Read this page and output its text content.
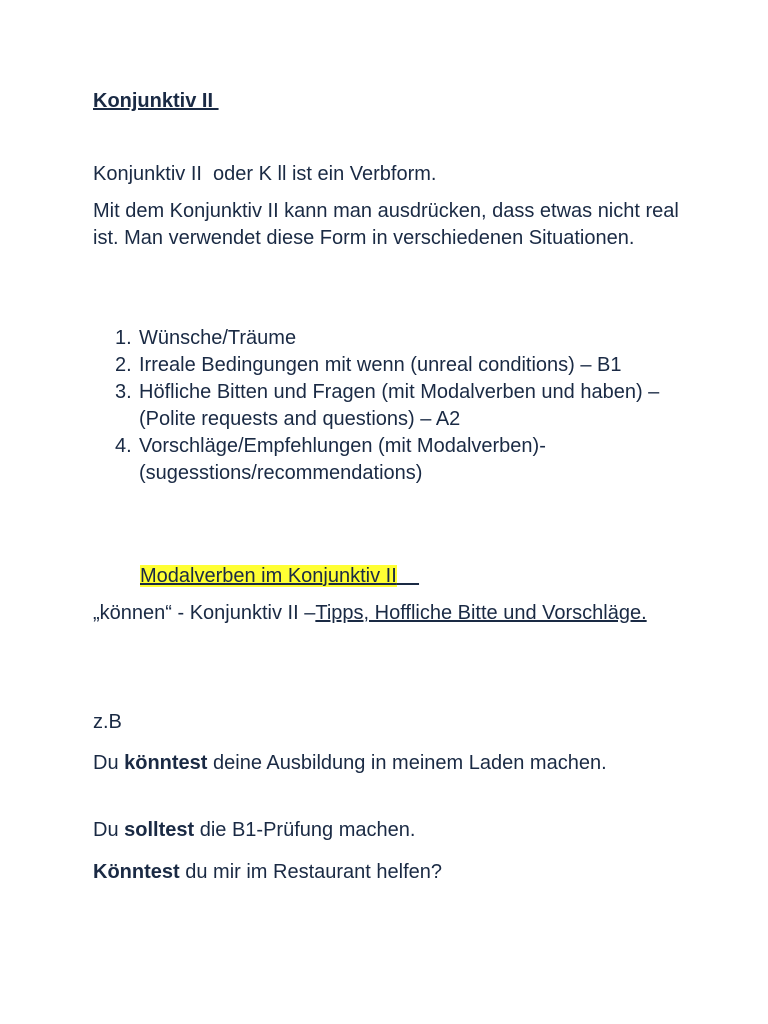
Konjunktiv II
Konjunktiv II  oder K ll ist ein Verbform.
Mit dem Konjunktiv II kann man ausdrücken, dass etwas nicht real ist. Man verwendet diese Form in verschiedenen Situationen.
1. Wünsche/Träume
2. Irreale Bedingungen mit wenn (unreal conditions) – B1
3. Höfliche Bitten und Fragen (mit Modalverben und haben) – (Polite requests and questions) – A2
4. Vorschläge/Empfehlungen (mit Modalverben)- (sugesstions/recommendations)
Modalverben im Konjunktiv II
„können“ - Konjunktiv II –Tipps, Hoffliche Bitte und Vorschläge.
z.B
Du könntest deine Ausbildung in meinem Laden machen.
Du solltest die B1-Prüfung machen.
Könntest du mir im Restaurant helfen?
